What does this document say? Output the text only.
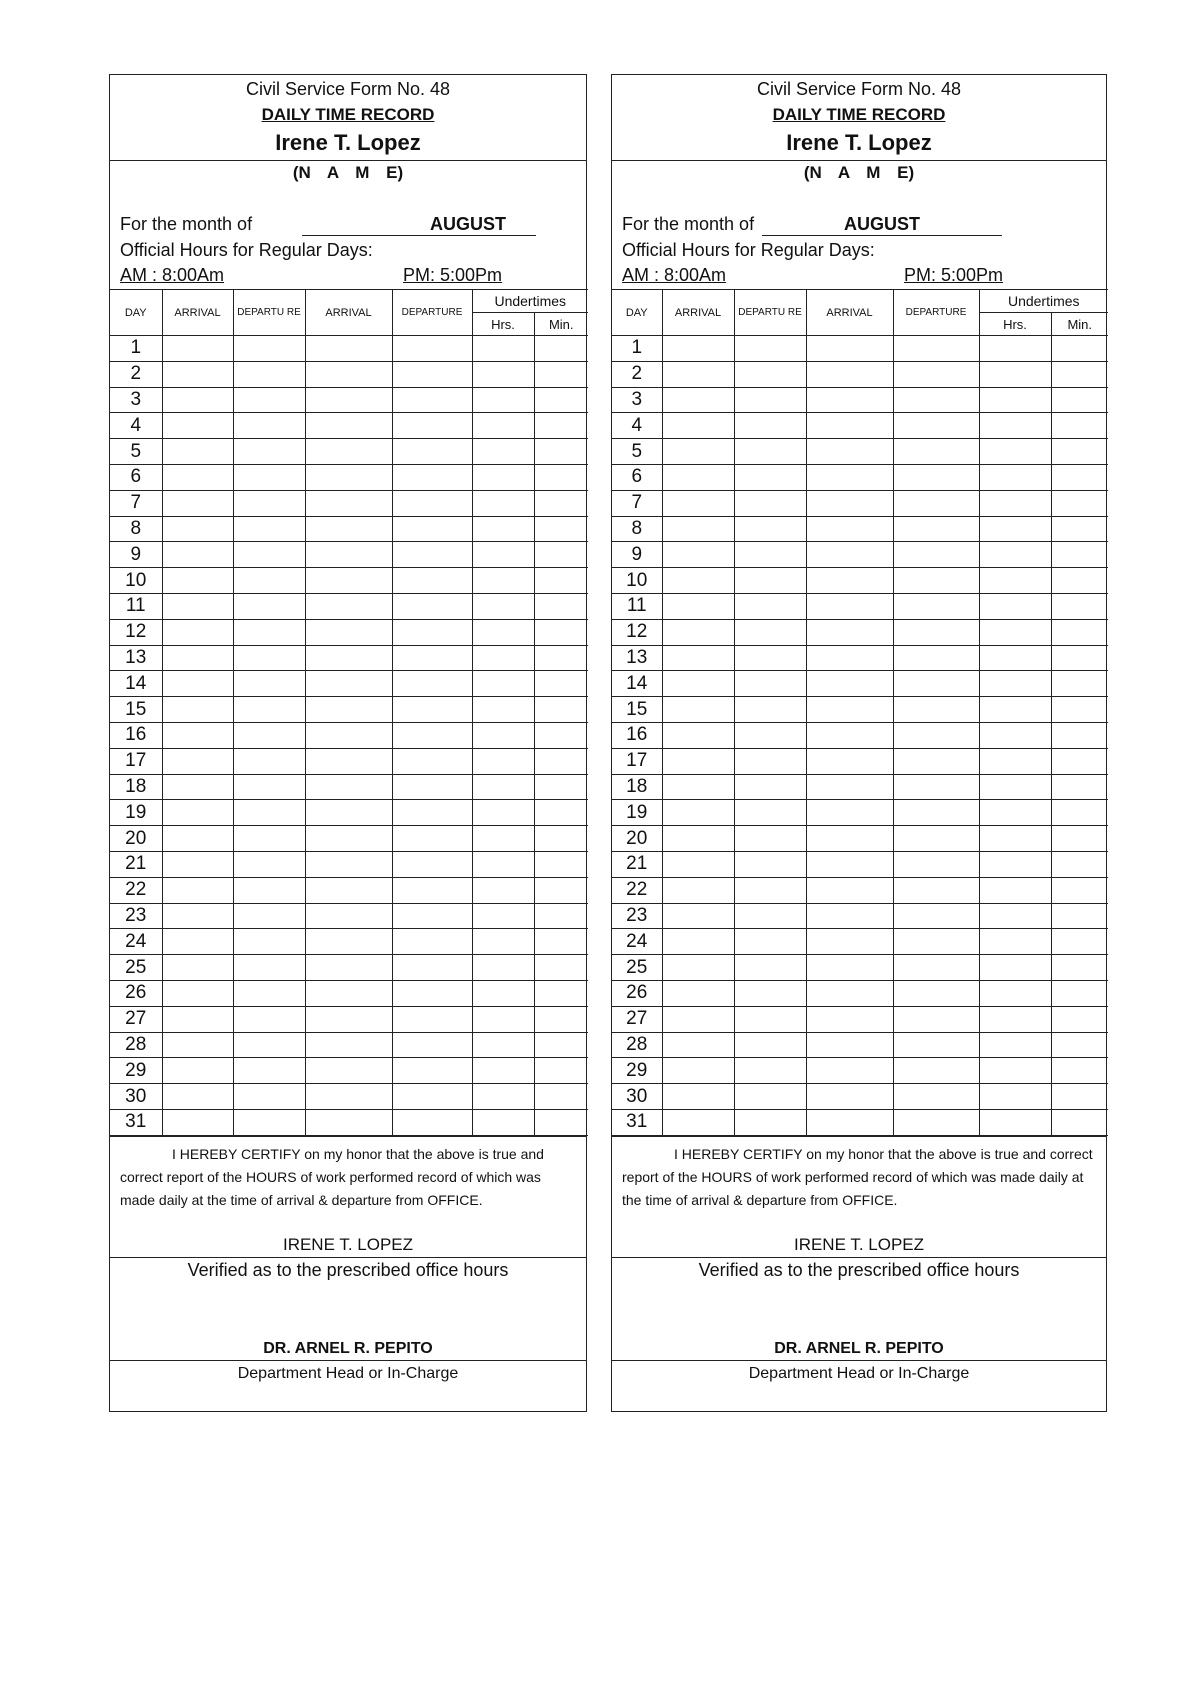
Civil Service Form No. 48
DAILY TIME RECORD
Irene T. Lopez
(N A M E)
For the month of	AUGUST
Official Hours for Regular Days:
AM : 8:00Am	PM: 5:00Pm
DAY	ARRIVAL	DEPARTU RE	ARRIVAL	DEPARTURE	Undertimes	
					Hrs.	Min.
1						
2						
3						
4						
5						
6						
7						
8						
9						
10						
11						
12						
13						
14						
15						
16						
17						
18						
19						
20						
21						
22						
23						
24						
25						
26						
27						
28						
29						
30						
31						
I HEREBY CERTIFY on my honor that the above is true and correct report of the HOURS of work performed record of which was made daily at the time of arrival & departure from OFFICE.
IRENE T. LOPEZ
Verified as to the prescribed office hours
DR. ARNEL R. PEPITO
Department Head or In-Charge
Civil Service Form No. 48
DAILY TIME RECORD
Irene T. Lopez
(N A M E)
For the month of	AUGUST
Official Hours for Regular Days:
AM : 8:00Am	PM: 5:00Pm
DAY	ARRIVAL	DEPARTU RE	ARRIVAL	DEPARTURE	Undertimes	
					Hrs.	Min.
1						
2						
3						
4						
5						
6						
7						
8						
9						
10						
11						
12						
13						
14						
15						
16						
17						
18						
19						
20						
21						
22						
23						
24						
25						
26						
27						
28						
29						
30						
31						
I HEREBY CERTIFY on my honor that the above is true and correct report of the HOURS of work performed record of which was made daily at the time of arrival & departure from OFFICE.
IRENE T. LOPEZ
Verified as to the prescribed office hours
DR. ARNEL R. PEPITO
Department Head or In-Charge
